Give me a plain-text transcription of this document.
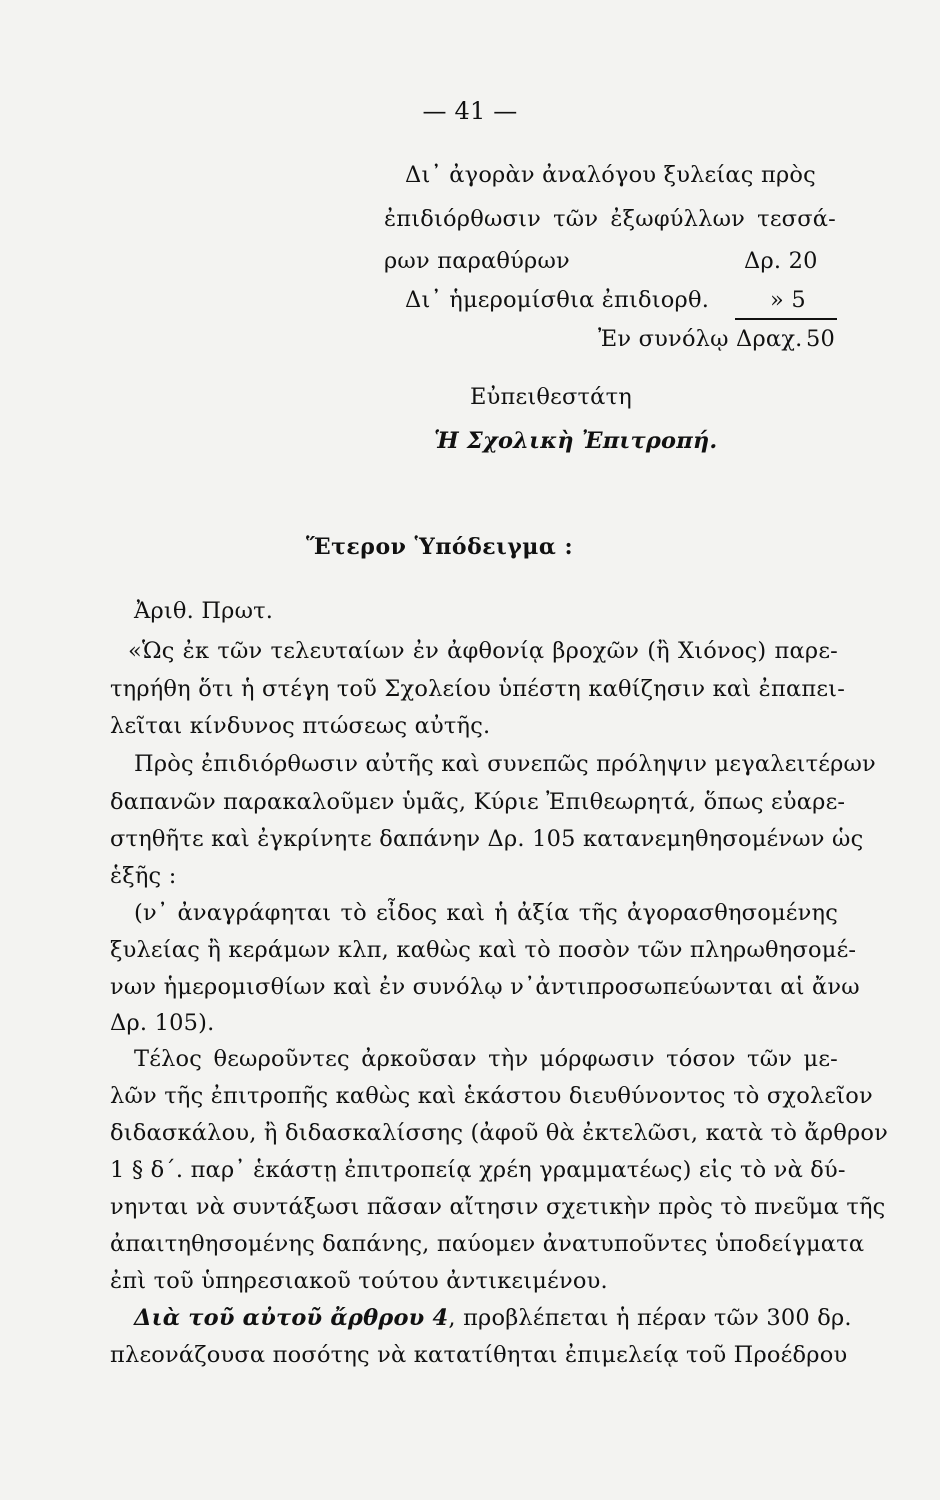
— 41 —
Δι᾽ ἀγορὰν ἀναλόγου ξυλείας πρὸς
ἐπιδιόρθωσιν τῶν ἐξωφύλλων τεσσά-
ρων παραθύρων	Δρ. 20
Δι᾽ ἡμερομίσθια ἐπιδιορθ.	» 5
Ἐν συνόλῳ Δραχ. 50
Εὐπειθεστάτη
Ἡ Σχολικὴ Ἐπιτροπή.
Ἕτερον Ὑπόδειγμα :
Ἀριθ. Πρωτ.
«Ὡς ἐκ τῶν τελευταίων ἐν ἀφθονίᾳ βροχῶν (ἢ Χιόνος) παρε-
τηρήθη ὅτι ἡ στέγη τοῦ Σχολείου ὑπέστη καθίζησιν καὶ ἐπαπει-
λεῖται κίνδυνος πτώσεως αὐτῆς.
Πρὸς ἐπιδιόρθωσιν αὐτῆς καὶ συνεπῶς πρόληψιν μεγαλειτέρων
δαπανῶν παρακαλοῦμεν ὑμᾶς, Κύριε Ἐπιθεωρητά, ὅπως εὐαρε-
στηθῆτε καὶ ἐγκρίνητε δαπάνην Δρ. 105 κατανεμηθησομένων ὡς
ἑξῆς :
(ν᾽ ἀναγράφηται τὸ εἶδος καὶ ἡ ἀξία τῆς ἀγορασθησομένης
ξυλείας ἢ κεράμων κλπ, καθὼς καὶ τὸ ποσὸν τῶν πληρωθησομέ-
νων ἡμερομισθίων καὶ ἐν συνόλῳ ν᾽ἀντιπροσωπεύωνται αἱ ἄνω
Δρ. 105).
Τέλος θεωροῦντες ἀρκοῦσαν τὴν μόρφωσιν τόσον τῶν με-
λῶν τῆς ἐπιτροπῆς καθὼς καὶ ἑκάστου διευθύνοντος τὸ σχολεῖον
διδασκάλου, ἢ διδασκαλίσσης (ἀφοῦ θὰ ἐκτελῶσι, κατὰ τὸ ἄρθρον
1 § δ΄. παρ᾽ ἑκάστῃ ἐπιτροπείᾳ χρέη γραμματέως) εἰς τὸ νὰ δύ-
νηνται νὰ συντάξωσι πᾶσαν αἴτησιν σχετικὴν πρὸς τὸ πνεῦμα τῆς
ἀπαιτηθησομένης δαπάνης, παύομεν ἀνατυποῦντες ὑποδείγματα
ἐπὶ τοῦ ὑπηρεσιακοῦ τούτου ἀντικειμένου.
Διὰ τοῦ αὐτοῦ ἄρθρου 4 , προβλέπεται ἡ πέραν τῶν 300 δρ.
πλεονάζουσα ποσότης νὰ κατατίθηται ἐπιμελείᾳ τοῦ Προέδρου
